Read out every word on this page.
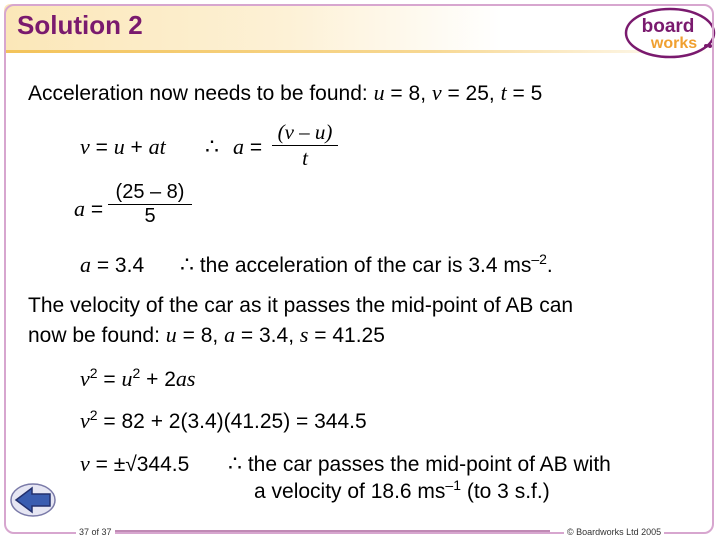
Solution 2	board
works
Acceleration now needs to be found: u = 8, v = 25, t = 5
v = u + at ∴ a =
(v – u)
t
a =
(25 – 8)
5
a = 3.4 ∴ the acceleration of the car is 3.4 $ms^{-2}$.
The velocity of the car as it passes the mid-point of AB can
now be found: u = 8, a = 3.4, s = 41.25
$v^2 = u^2 + 2as$
$v^2 = 82 + 2(3.4)(41.25) = 344.5$
v = ±√344.5 ∴ the car passes the mid-point of AB with
a velocity of 18.6 $ms^{-1}$ (to 3 s.f.)
37 of 37	© Boardworks Ltd 2005
